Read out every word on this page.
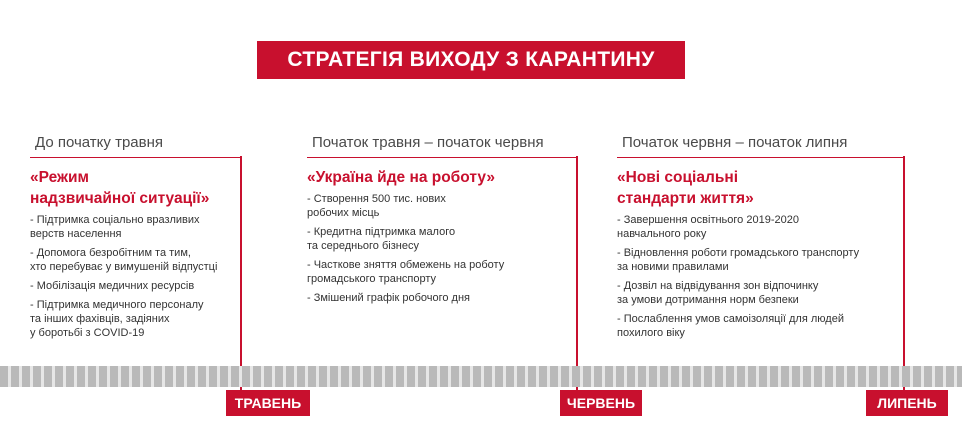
СТРАТЕГІЯ ВИХОДУ З КАРАНТИНУ
До початку травня
«Режим
надзвичайної ситуації»
- Підтримка соціально вразливих
верств населення
- Допомога безробітним та тим,
хто перебуває у вимушеній відпустці
- Мобілізація медичних ресурсів
- Підтримка медичного персоналу
та інших фахівців, задіяних
у боротьбі з COVID-19
Початок травня – початок червня
«Україна йде на роботу»
- Створення 500 тис. нових
робочих місць
- Кредитна підтримка малого
та середнього бізнесу
- Часткове зняття обмежень на роботу
громадського транспорту
- Змішений графік робочого дня
Початок червня – початок липня
«Нові соціальні
стандарти життя»
- Завершення освітнього 2019-2020
навчального року
- Відновлення роботи громадського транспорту
за новими правилами
- Дозвіл на відвідування зон відпочинку
за умови дотримання норм безпеки
- Послаблення умов самоізоляції для людей
похилого віку
ТРАВЕНЬ	ЧЕРВЕНЬ	ЛИПЕНЬ
